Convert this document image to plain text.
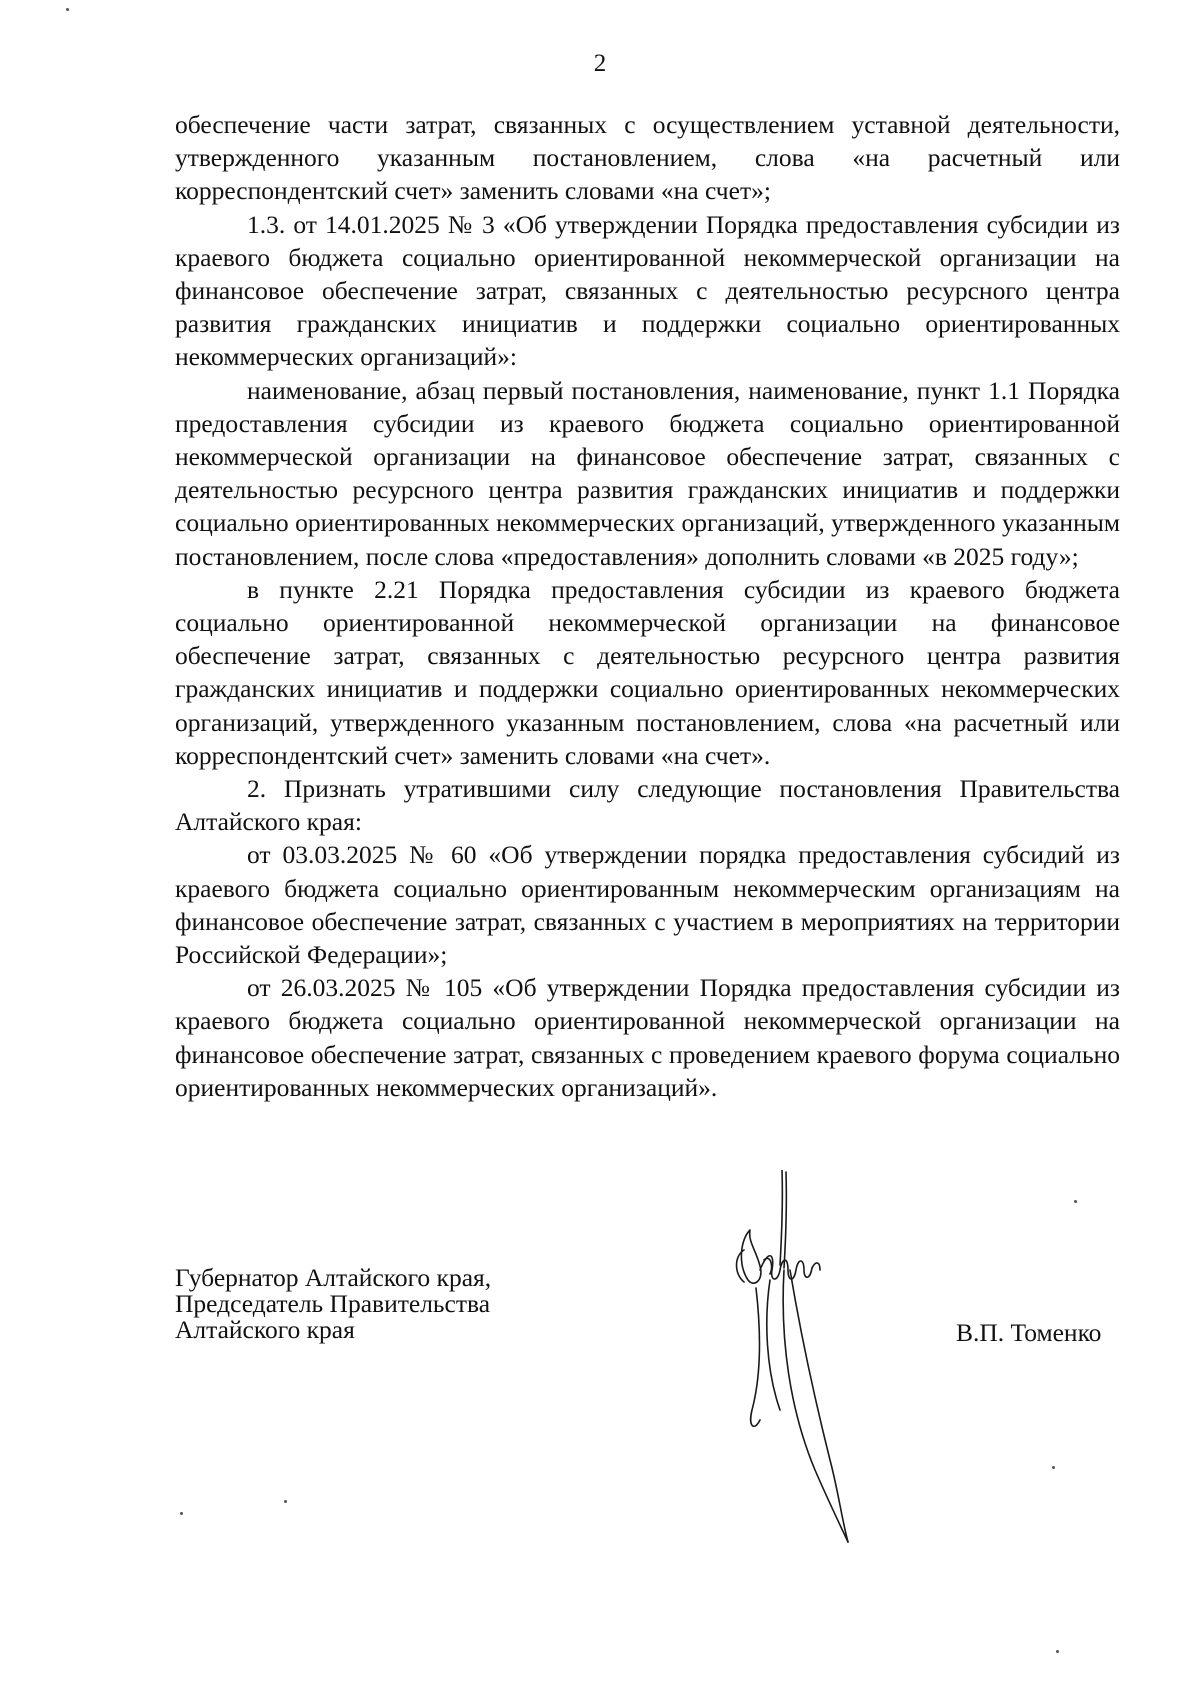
2

обеспечение части затрат, связанных с осуществлением уставной деятельности, утвержденного указанным постановлением, слова «на расчетный или корреспондентский счет» заменить словами «на счет»;

1.3. от 14.01.2025 № 3 «Об утверждении Порядка предоставления субсидии из краевого бюджета социально ориентированной некоммерческой организации на финансовое обеспечение затрат, связанных с деятельностью ресурсного центра развития гражданских инициатив и поддержки социально ориентированных некоммерческих организаций»:

наименование, абзац первый постановления, наименование, пункт 1.1 Порядка предоставления субсидии из краевого бюджета социально ориентированной некоммерческой организации на финансовое обеспечение затрат, связанных с деятельностью ресурсного центра развития гражданских инициатив и поддержки социально ориентированных некоммерческих организаций, утвержденного указанным постановлением, после слова «предоставления» дополнить словами «в 2025 году»;

в пункте 2.21 Порядка предоставления субсидии из краевого бюджета социально ориентированной некоммерческой организации на финансовое обеспечение затрат, связанных с деятельностью ресурсного центра развития гражданских инициатив и поддержки социально ориентированных некоммерческих организаций, утвержденного указанным постановлением, слова «на расчетный или корреспондентский счет» заменить словами «на счет».

2. Признать утратившими силу следующие постановления Правительства Алтайского края:

от 03.03.2025 № 60 «Об утверждении порядка предоставления субсидий из краевого бюджета социально ориентированным некоммерческим организациям на финансовое обеспечение затрат, связанных с участием в мероприятиях на территории Российской Федерации»;

от 26.03.2025 № 105 «Об утверждении Порядка предоставления субсидии из краевого бюджета социально ориентированной некоммерческой организации на финансовое обеспечение затрат, связанных с проведением краевого форума социально ориентированных некоммерческих организаций».

Губернатор Алтайского края,
Председатель Правительства
Алтайского края	В.П. Томенко
